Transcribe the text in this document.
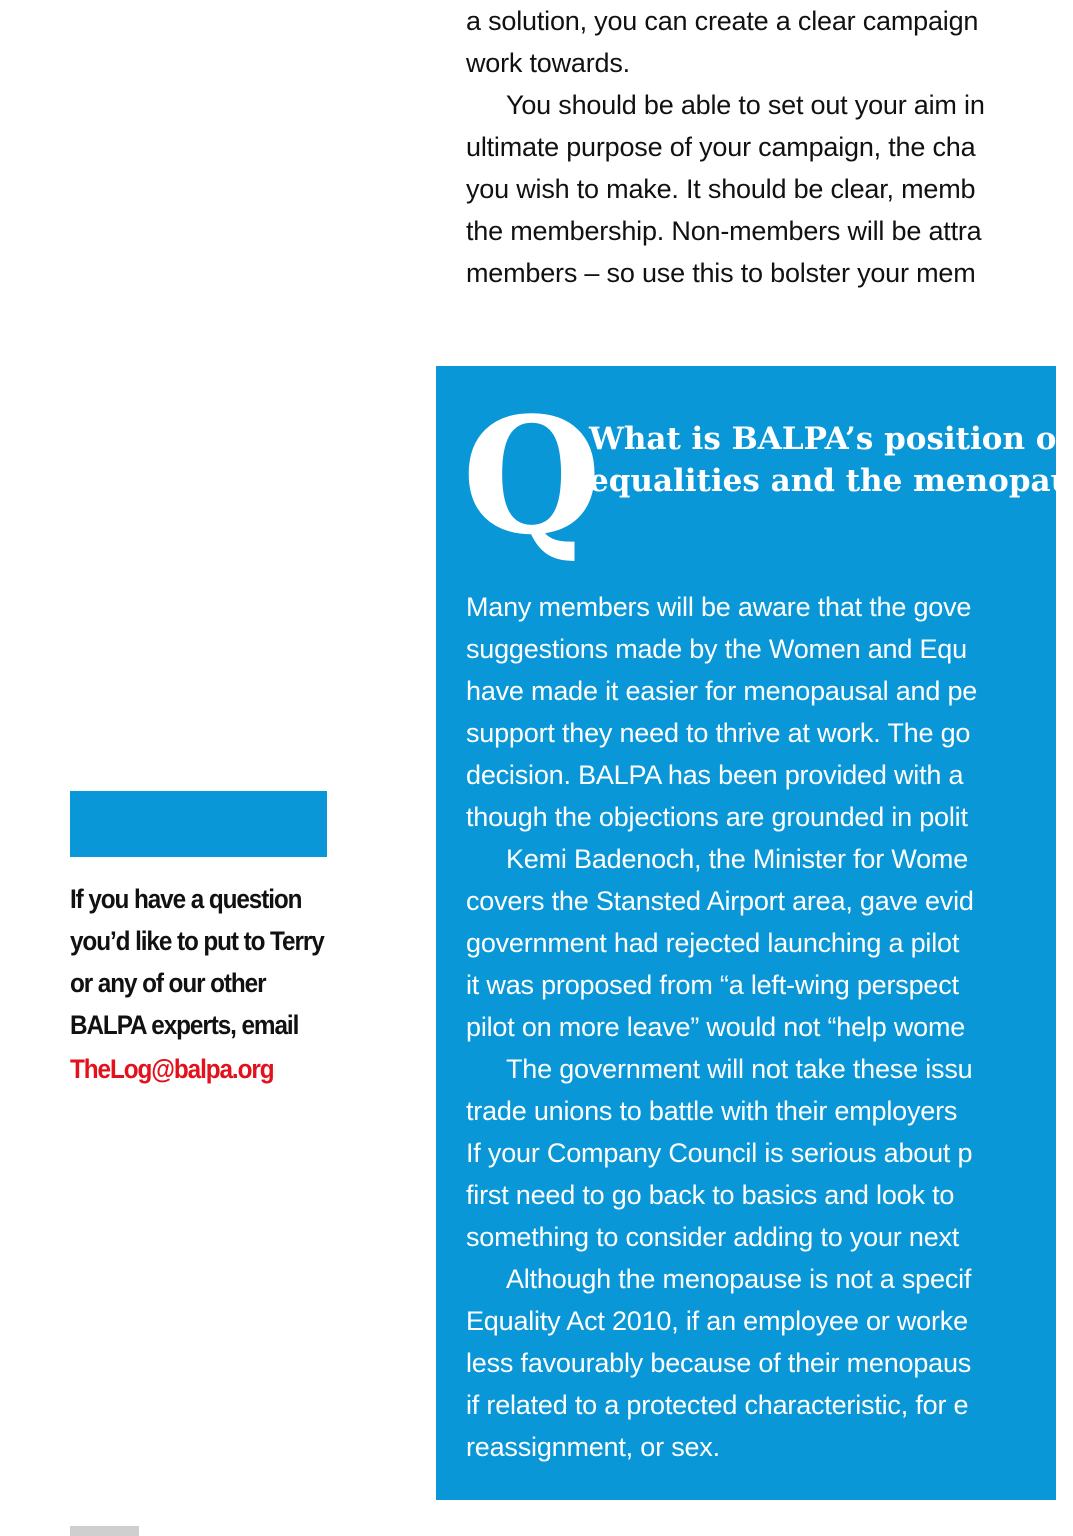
a solution, you can create a clear campaign
work towards.
You should be able to set out your aim in
ultimate purpose of your campaign, the cha
you wish to make. It should be clear, memb
the membership. Non-members will be attra
members – so use this to bolster your mem
Q
What is BALPA’s position o
equalities and the menopau
Many members will be aware that the gove
suggestions made by the Women and Equ
have made it easier for menopausal and pe
support they need to thrive at work. The go
decision. BALPA has been provided with a
though the objections are grounded in polit
Kemi Badenoch, the Minister for Wome
covers the Stansted Airport area, gave evid
government had rejected launching a pilot
it was proposed from “a left-wing perspect
pilot on more leave” would not “help wome
The government will not take these issu
trade unions to battle with their employers
If your Company Council is serious about p
first need to go back to basics and look to
something to consider adding to your next
Although the menopause is not a specif
Equality Act 2010, if an employee or worke
less favourably because of their menopaus
if related to a protected characteristic, for e
reassignment, or sex.
If you have a question
you’d like to put to Terry
or any of our other
BALPA experts, email
TheLog@balpa.org
